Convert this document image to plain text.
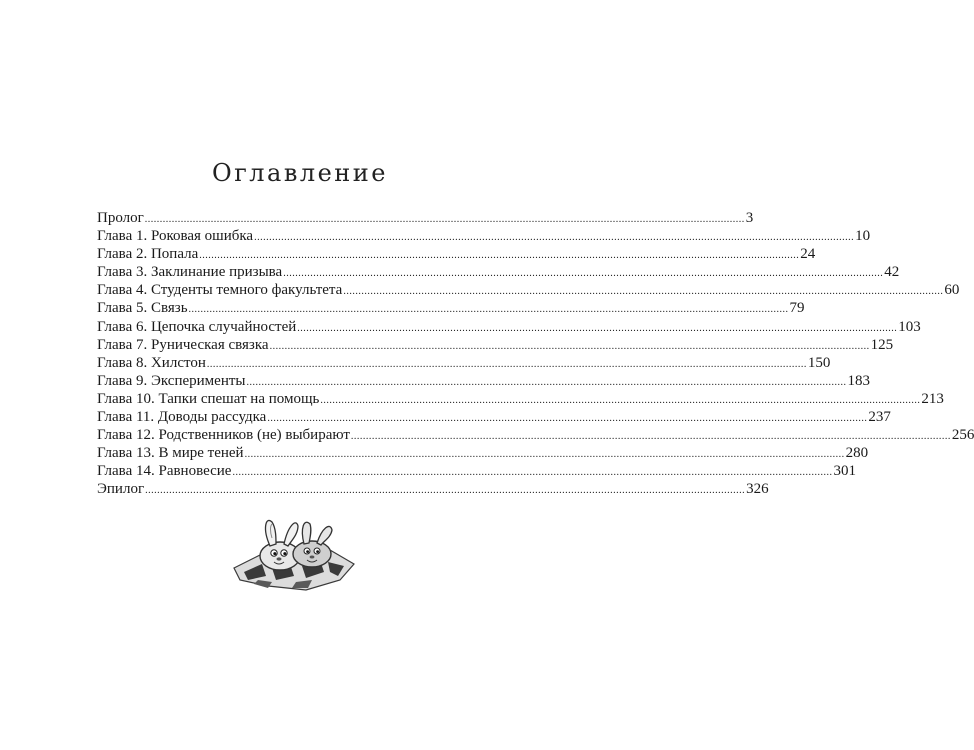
Оглавление
Пролог ........................................................................................................................................................................................................ 3
Глава 1. Роковая ошибка ........................................................................................................................................................................................................ 10
Глава 2. Попала ........................................................................................................................................................................................................ 24
Глава 3. Заклинание призыва ........................................................................................................................................................................................................ 42
Глава 4. Студенты темного факультета ........................................................................................................................................................................................................ 60
Глава 5. Связь ........................................................................................................................................................................................................ 79
Глава 6. Цепочка случайностей ........................................................................................................................................................................................................ 103
Глава 7. Руническая связка ........................................................................................................................................................................................................ 125
Глава 8. Хилстон ........................................................................................................................................................................................................ 150
Глава 9. Эксперименты ........................................................................................................................................................................................................ 183
Глава 10. Тапки спешат на помощь ........................................................................................................................................................................................................ 213
Глава 11. Доводы рассудка ........................................................................................................................................................................................................ 237
Глава 12. Родственников (не) выбирают ........................................................................................................................................................................................................ 256
Глава 13. В мире теней ........................................................................................................................................................................................................ 280
Глава 14. Равновесие ........................................................................................................................................................................................................ 301
Эпилог ........................................................................................................................................................................................................ 326
